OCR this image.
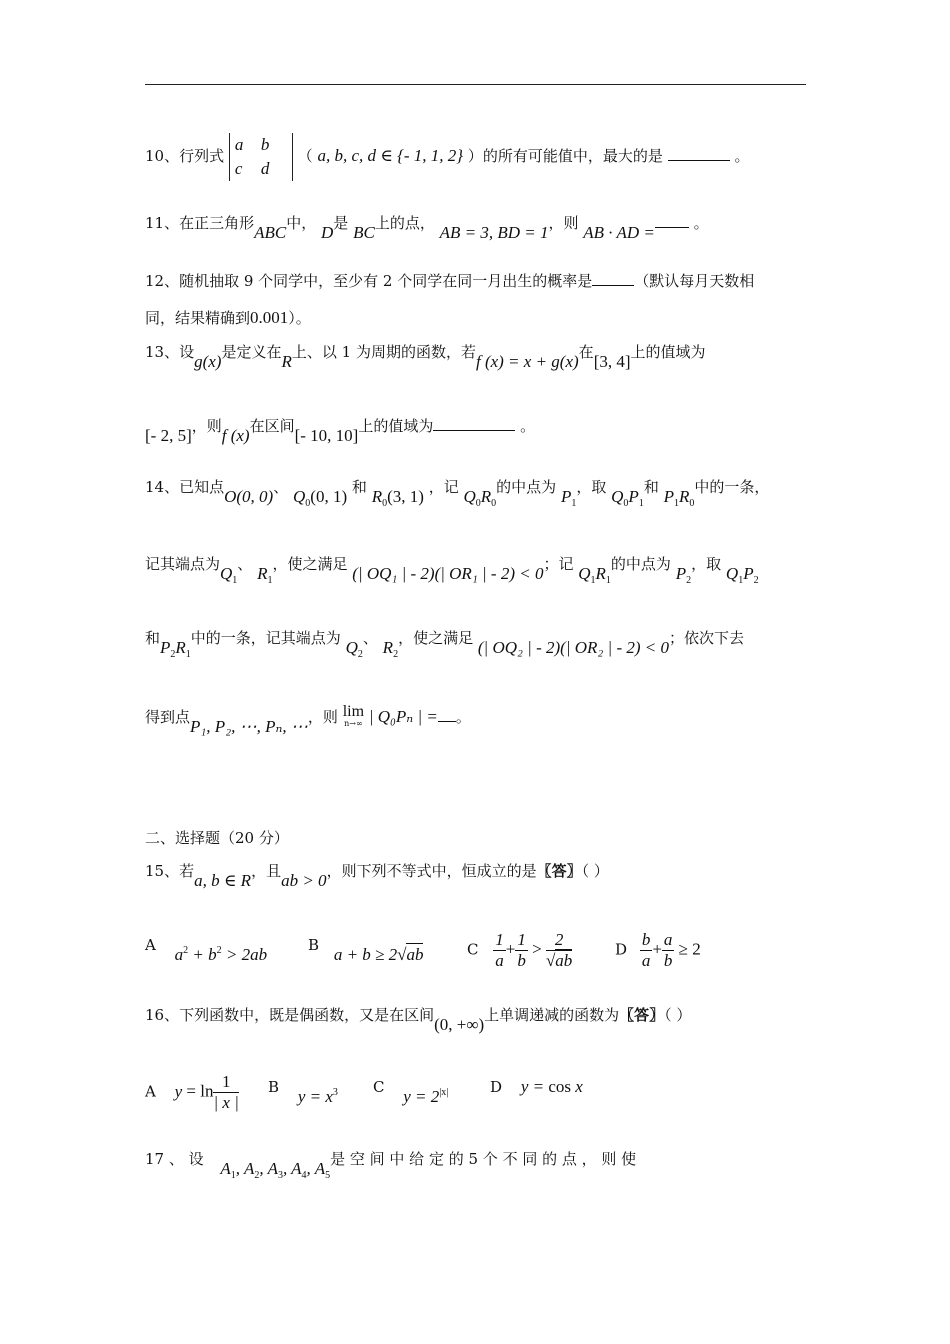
10、行列式 a b
c d （ a, b, c, d ∈ {- 1, 1, 2} ）的所有可能值中，最大的是	。
11、在正三角形ABC中， D是 BC上的点， AB = 3, BD = 1，则 AB · AD =	。
12、随机抽取 9 个同学中，至少有 2 个同学在同一月出生的概率是	（默认每月天数相
同，结果精确到0.001）。
13、设g(x)是定义在R上、以 1 为周期的函数，若f (x) = x + g(x)在[3, 4]上的值域为
[- 2, 5]，则f (x)在区间[- 10, 10]上的值域为	。
14、已知点O(0, 0)、 $Q_0(0$, 1) 和 $R_0(3$, 1) ，记 $Q_0R_0$的中点为 $P_1$，取 $Q_0P_1$和 $P_1R_0$中的一条，
记其端点为$Q_1$、 $R_1$，使之满足 (| OQ₁ | - 2)(| OR₁ | - 2) < 0；记 $Q_1R_1$的中点为 $P_2$，取 $Q_1P_2$
和$P_2R_1$中的一条，记其端点为 $Q_2$、 $R_2$，使之满足 (| OQ₂ | - 2)(| OR₂ | - 2) < 0；依次下去
得到点P₁, P₂, ⋯, Pₙ, ⋯，则 lim
n→∞ | Q₀Pₙ | = 。
二、选择题（20 分）
15、若a, b ∈ R，且ab > 0，则下列不等式中，恒成立的是〖答〗（ ）
A $a^2 + b^2 > 2ab$	B a + b ≥ 2√ab	C $\frac{1}{a} + \frac{1}{b} > \frac{2}{√ab}$	D $\frac{b}{a} + \frac{a}{b} \ge 2$
16、下列函数中，既是偶函数，又是在区间(0, +∞)上单调递减的函数为〖答〗（ ）
A $y = \ln \frac{1}{| x |}$ B $y = x^3$ C $y = 2^{|x|}$	D y = cos x
17 、 设 $A_1$, $A_2$, $A_3$, $A_4$, $A_5$是 空 间 中 给 定 的 5 个 不 同 的 点 ， 则 使
